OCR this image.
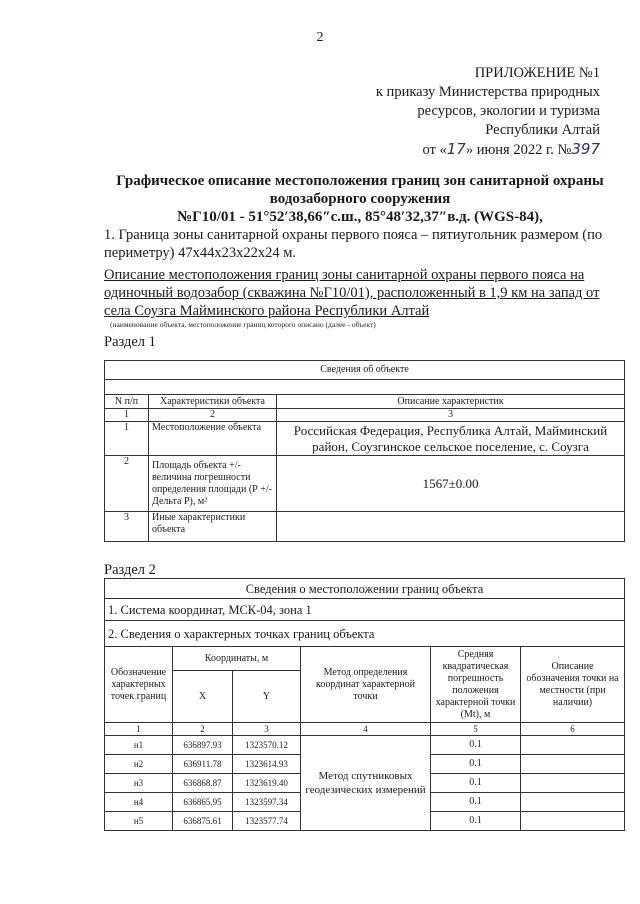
2
ПРИЛОЖЕНИЕ №1
к приказу Министерства природных
ресурсов, экологии и туризма
Республики Алтай
от «17» июня 2022 г. №397
Графическое описание местоположения границ зон санитарной охраны
водозаборного сооружения
№Г10/01 - 51°52′38,66″с.ш., 85°48′32,37″в.д. (WGS-84),
1. Граница зоны санитарной охраны первого пояса – пятиугольник размером (по периметру) 47x44x23x22x24 м.
Описание местоположения границ зоны санитарной охраны первого пояса на одиночный водозабор (скважина №Г10/01), расположенный в 1,9 км на запад от села Соузга Майминского района Республики Алтай
(наименование объекта, местоположение границ которого описано (далее - объект)
Раздел 1
Сведения об объекте		

N п/п	Характеристики объекта	Описание характеристик
1	2	3
1	Местоположение объекта	Российская Федерация, Республика Алтай, Майминский район, Соузгинское сельское поселение, с. Соузга
2	Площадь объекта +/- величина погрешности определения площади (Р +/- Дельта Р), м²	1567±0.00
3	Иные характеристики объекта	
Раздел 2
Сведения о местоположении границ объекта					
1. Система координат, МСК-04, зона 1					
2. Сведения о характерных точках границ объекта					
Обозначение характерных точек границ	Координаты, м		Метод определения координат характерной точки	Средняя квадратическая погрешность положения характерной точки (Mt), м	Описание обозначения точки на местности (при наличии)
	X	Y			
1	2	3	4	5	6
н1	636897.93	1323570.12	Метод спутниковых геодезических измерений	0.1	
н2	636911.78	1323614.93		0.1	
н3	636868.87	1323619.40		0.1	
н4	636865.95	1323597.34		0.1	
н5	636875.61	1323577.74		0.1	
